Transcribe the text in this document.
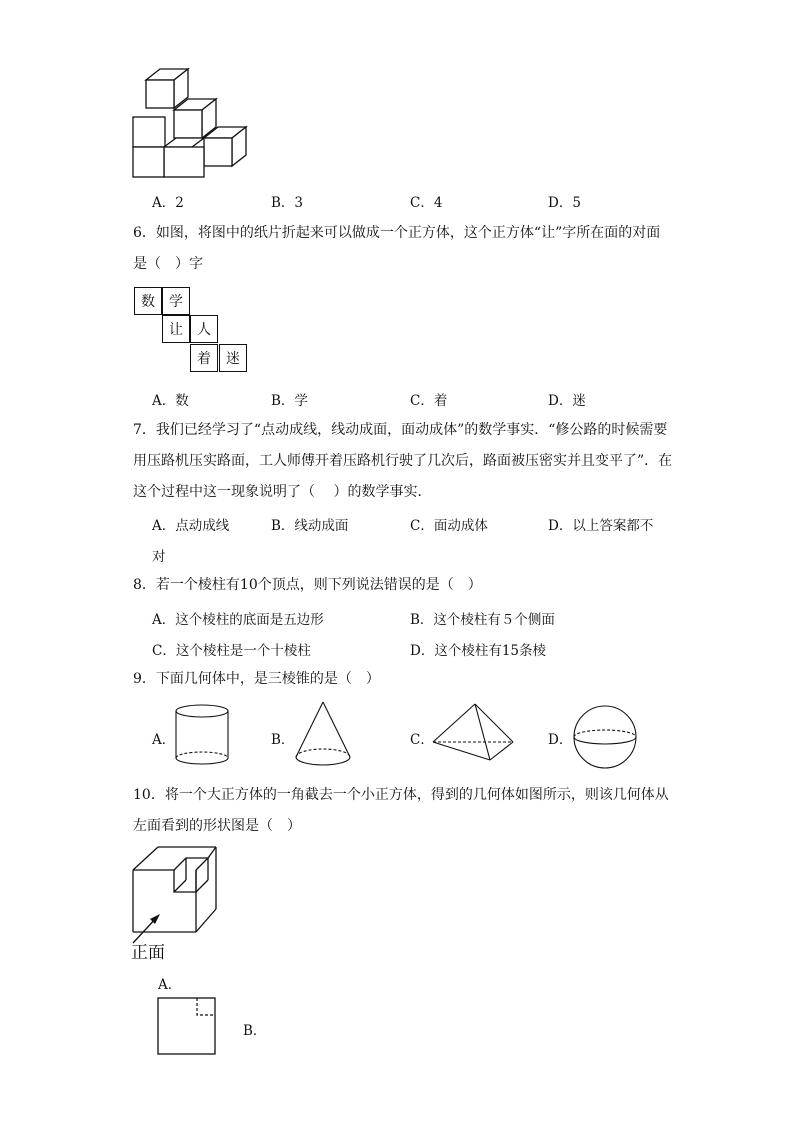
A．2	B．3	C．4	D．5
6．如图，将图中的纸片折起来可以做成一个正方体，这个正方体“让”字所在面的对面
是（　）字
数	学
让	人
着	迷
A．数	B．学	C．着	D．迷
7．我们已经学习了“点动成线，线动成面，面动成体”的数学事实．“修公路的时候需要
用压路机压实路面，工人师傅开着压路机行驶了几次后，路面被压密实并且变平了”．在
这个过程中这一现象说明了（　 ）的数学事实．
A．点动成线	B．线动成面	C．面动成体	D．以上答案都不
对
8．若一个棱柱有10个顶点，则下列说法错误的是（　）
A．这个棱柱的底面是五边形	B．这个棱柱有５个侧面
C．这个棱柱是一个十棱柱	D．这个棱柱有15条棱
9．下面几何体中，是三棱锥的是（　）
A．	B．	C．	D．
10．将一个大正方体的一角截去一个小正方体，得到的几何体如图所示，则该几何体从
左面看到的形状图是（　）
正面
A．
B．
